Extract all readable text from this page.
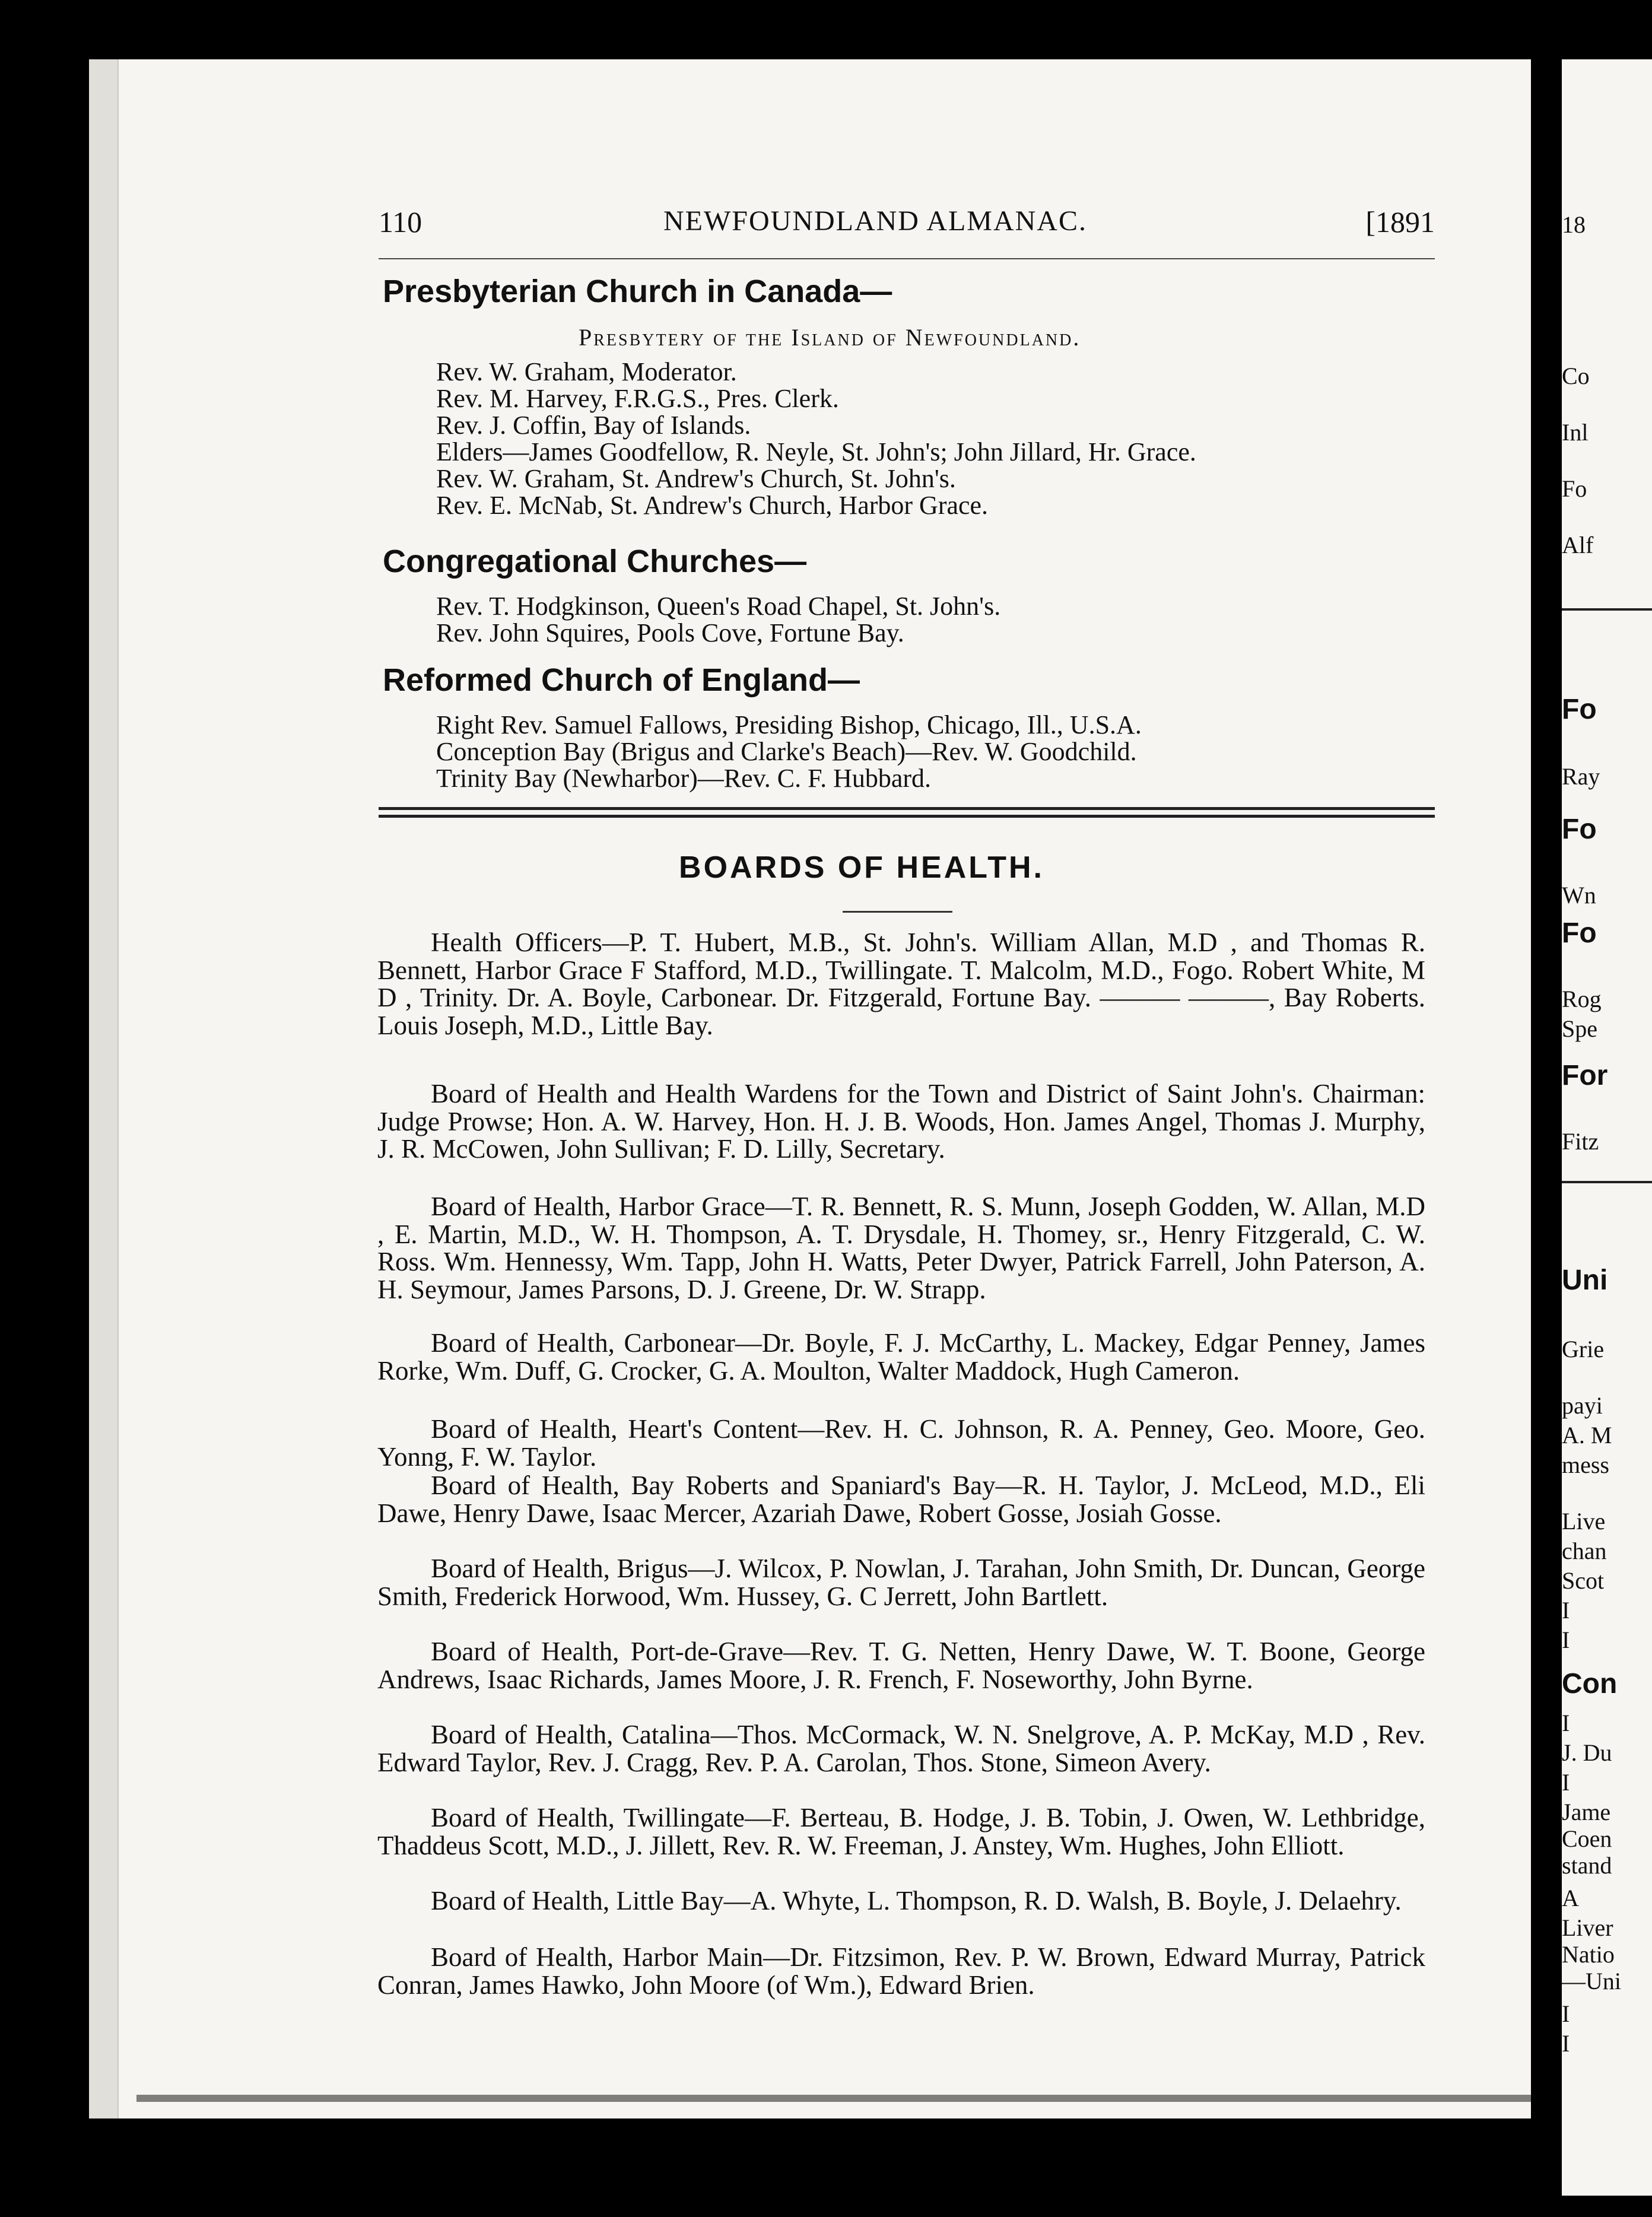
18
Co
Inl
Fo
Alf
Fo
Ray
Fo
Wn
Fo
Rog
Spe
For
Fitz
Uni
Grie
payi
A. M
mess
Live
chan
Scot
I
I
Con
I
J. Du
I
Jame
Coen
stand
A
Liver
Natio
—Uni
I
I
110	NEWFOUNDLAND ALMANAC.	[1891
Presbyterian Church in Canada—
Presbytery of the Island of Newfoundland.
Rev. W. Graham, Moderator.
Rev. M. Harvey, F.R.G.S., Pres. Clerk.
Rev. J. Coffin, Bay of Islands.
Elders—James Goodfellow, R. Neyle, St. John's; John Jillard, Hr. Grace.
Rev. W. Graham, St. Andrew's Church, St. John's.
Rev. E. McNab, St. Andrew's Church, Harbor Grace.
Congregational Churches—
Rev. T. Hodgkinson, Queen's Road Chapel, St. John's.
Rev. John Squires, Pools Cove, Fortune Bay.
Reformed Church of England—
Right Rev. Samuel Fallows, Presiding Bishop, Chicago, Ill., U.S.A.
Conception Bay (Brigus and Clarke's Beach)—Rev. W. Goodchild.
Trinity Bay (Newharbor)—Rev. C. F. Hubbard.
BOARDS OF HEALTH.
Health Officers—P. T. Hubert, M.B., St. John's. William Allan, M.D , and Thomas R. Bennett, Harbor Grace F Stafford, M.D., Twillingate. T. Malcolm, M.D., Fogo. Robert White, M D , Trinity. Dr. A. Boyle, Carbonear. Dr. Fitzgerald, Fortune Bay. ——— ———, Bay Roberts. Louis Joseph, M.D., Little Bay.
Board of Health and Health Wardens for the Town and District of Saint John's. Chairman: Judge Prowse; Hon. A. W. Harvey, Hon. H. J. B. Woods, Hon. James Angel, Thomas J. Murphy, J. R. McCowen, John Sullivan; F. D. Lilly, Secretary.
Board of Health, Harbor Grace—T. R. Bennett, R. S. Munn, Joseph Godden, W. Allan, M.D , E. Martin, M.D., W. H. Thompson, A. T. Drysdale, H. Thomey, sr., Henry Fitzgerald, C. W. Ross. Wm. Hennessy, Wm. Tapp, John H. Watts, Peter Dwyer, Patrick Farrell, John Paterson, A. H. Seymour, James Parsons, D. J. Greene, Dr. W. Strapp.
Board of Health, Carbonear—Dr. Boyle, F. J. McCarthy, L. Mackey, Edgar Penney, James Rorke, Wm. Duff, G. Crocker, G. A. Moulton, Walter Maddock, Hugh Cameron.
Board of Health, Heart's Content—Rev. H. C. Johnson, R. A. Penney, Geo. Moore, Geo. Yonng, F. W. Taylor.
Board of Health, Bay Roberts and Spaniard's Bay—R. H. Taylor, J. McLeod, M.D., Eli Dawe, Henry Dawe, Isaac Mercer, Azariah Dawe, Robert Gosse, Josiah Gosse.
Board of Health, Brigus—J. Wilcox, P. Nowlan, J. Tarahan, John Smith, Dr. Duncan, George Smith, Frederick Horwood, Wm. Hussey, G. C Jerrett, John Bartlett.
Board of Health, Port-de-Grave—Rev. T. G. Netten, Henry Dawe, W. T. Boone, George Andrews, Isaac Richards, James Moore, J. R. French, F. Noseworthy, John Byrne.
Board of Health, Catalina—Thos. McCormack, W. N. Snelgrove, A. P. McKay, M.D , Rev. Edward Taylor, Rev. J. Cragg, Rev. P. A. Carolan, Thos. Stone, Simeon Avery.
Board of Health, Twillingate—F. Berteau, B. Hodge, J. B. Tobin, J. Owen, W. Lethbridge, Thaddeus Scott, M.D., J. Jillett, Rev. R. W. Freeman, J. Anstey, Wm. Hughes, John Elliott.
Board of Health, Little Bay—A. Whyte, L. Thompson, R. D. Walsh, B. Boyle, J. Delaehry.
Board of Health, Harbor Main—Dr. Fitzsimon, Rev. P. W. Brown, Edward Murray, Patrick Conran, James Hawko, John Moore (of Wm.), Edward Brien.
